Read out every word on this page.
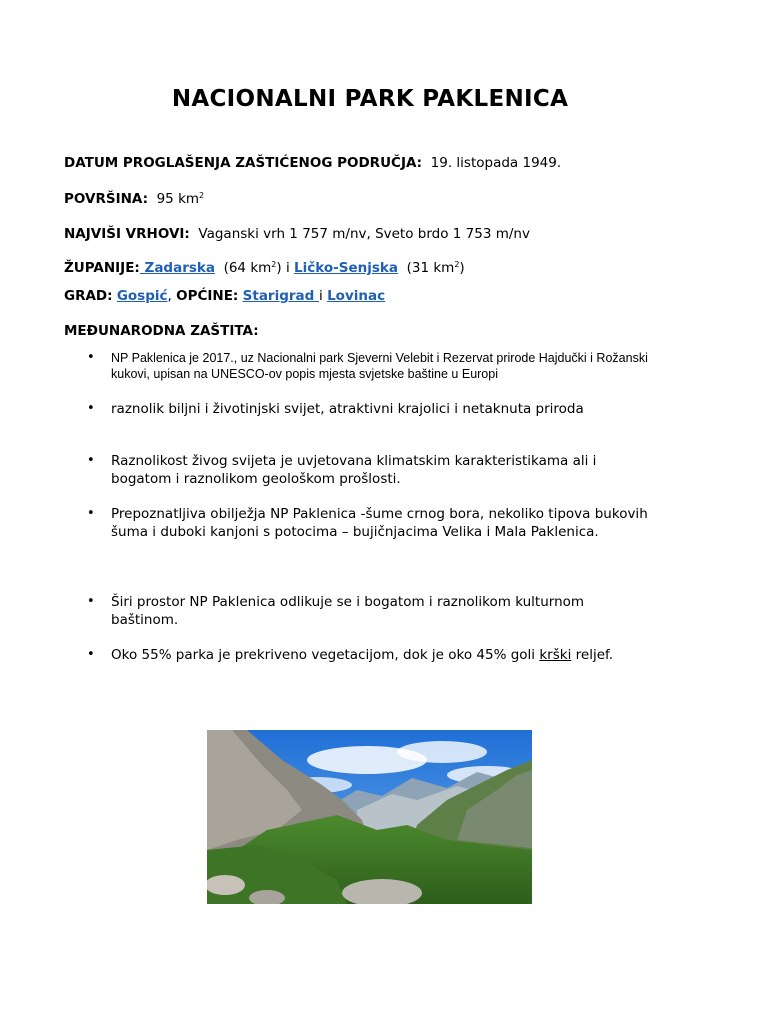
NACIONALNI PARK PAKLENICA
DATUM PROGLAŠENJA ZAŠTIĆENOG PODRUČJA: 19. listopada 1949.
POVRŠINA: 95 $km^2$
NAJVIŠI VRHOVI: Vaganski vrh 1 757 m/nv, Sveto brdo 1 753 m/nv
ŽUPANIJE: Zadarska (64 $km^2$) i Ličko-Senjska (31 $km^2$)
GRAD: Gospić, OPĆINE: Starigrad i Lovinac
MEĐUNARODNA ZAŠTITA:
• NP Paklenica je 2017., uz Nacionalni park Sjeverni Velebit i Rezervat prirode Hajdučki i Rožanski kukovi, upisan na UNESCO-ov popis mjesta svjetske baštine u Europi
• raznolik biljni i životinjski svijet, atraktivni krajolici i netaknuta priroda
• Raznolikost živog svijeta je uvjetovana klimatskim karakteristikama ali i bogatom i raznolikom geološkom prošlosti.
• Prepoznatljiva obilježja NP Paklenica -šume crnog bora, nekoliko tipova bukovih šuma i duboki kanjoni s potocima – bujičnjacima Velika i Mala Paklenica.
• Širi prostor NP Paklenica odlikuje se i bogatom i raznolikom kulturnom baštinom.
• Oko 55% parka je prekriveno vegetacijom, dok je oko 45% goli krški reljef.
